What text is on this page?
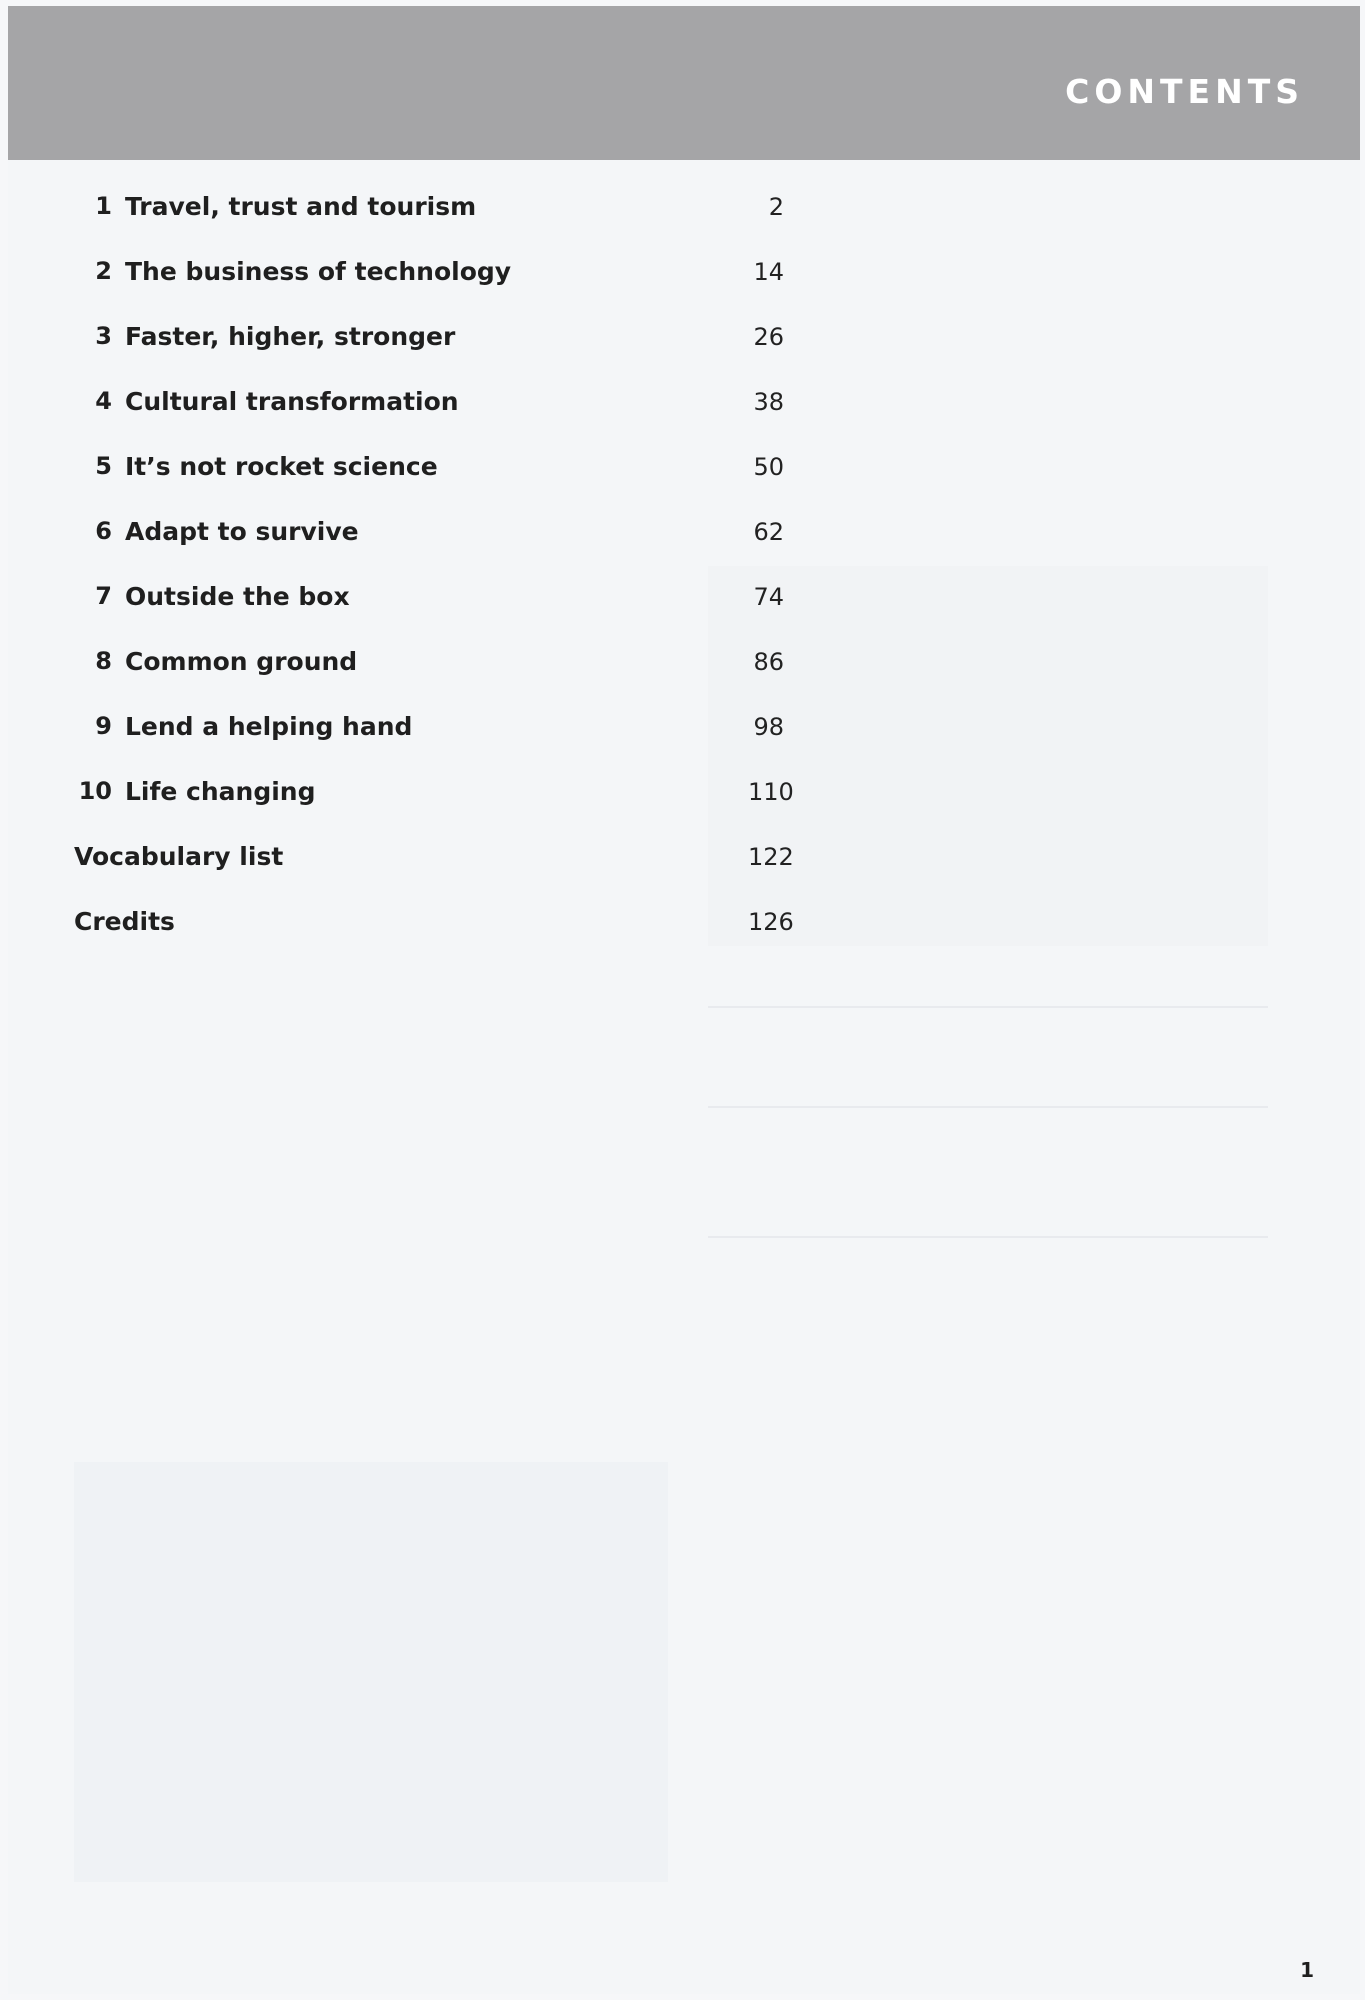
CONTENTS
1 Travel, trust and tourism	2
2 The business of technology	14
3 Faster, higher, stronger	26
4 Cultural transformation	38
5 It’s not rocket science	50
6 Adapt to survive	62
7 Outside the box	74
8 Common ground	86
9 Lend a helping hand	98
10 Life changing	110
Vocabulary list	122
Credits	126
1
